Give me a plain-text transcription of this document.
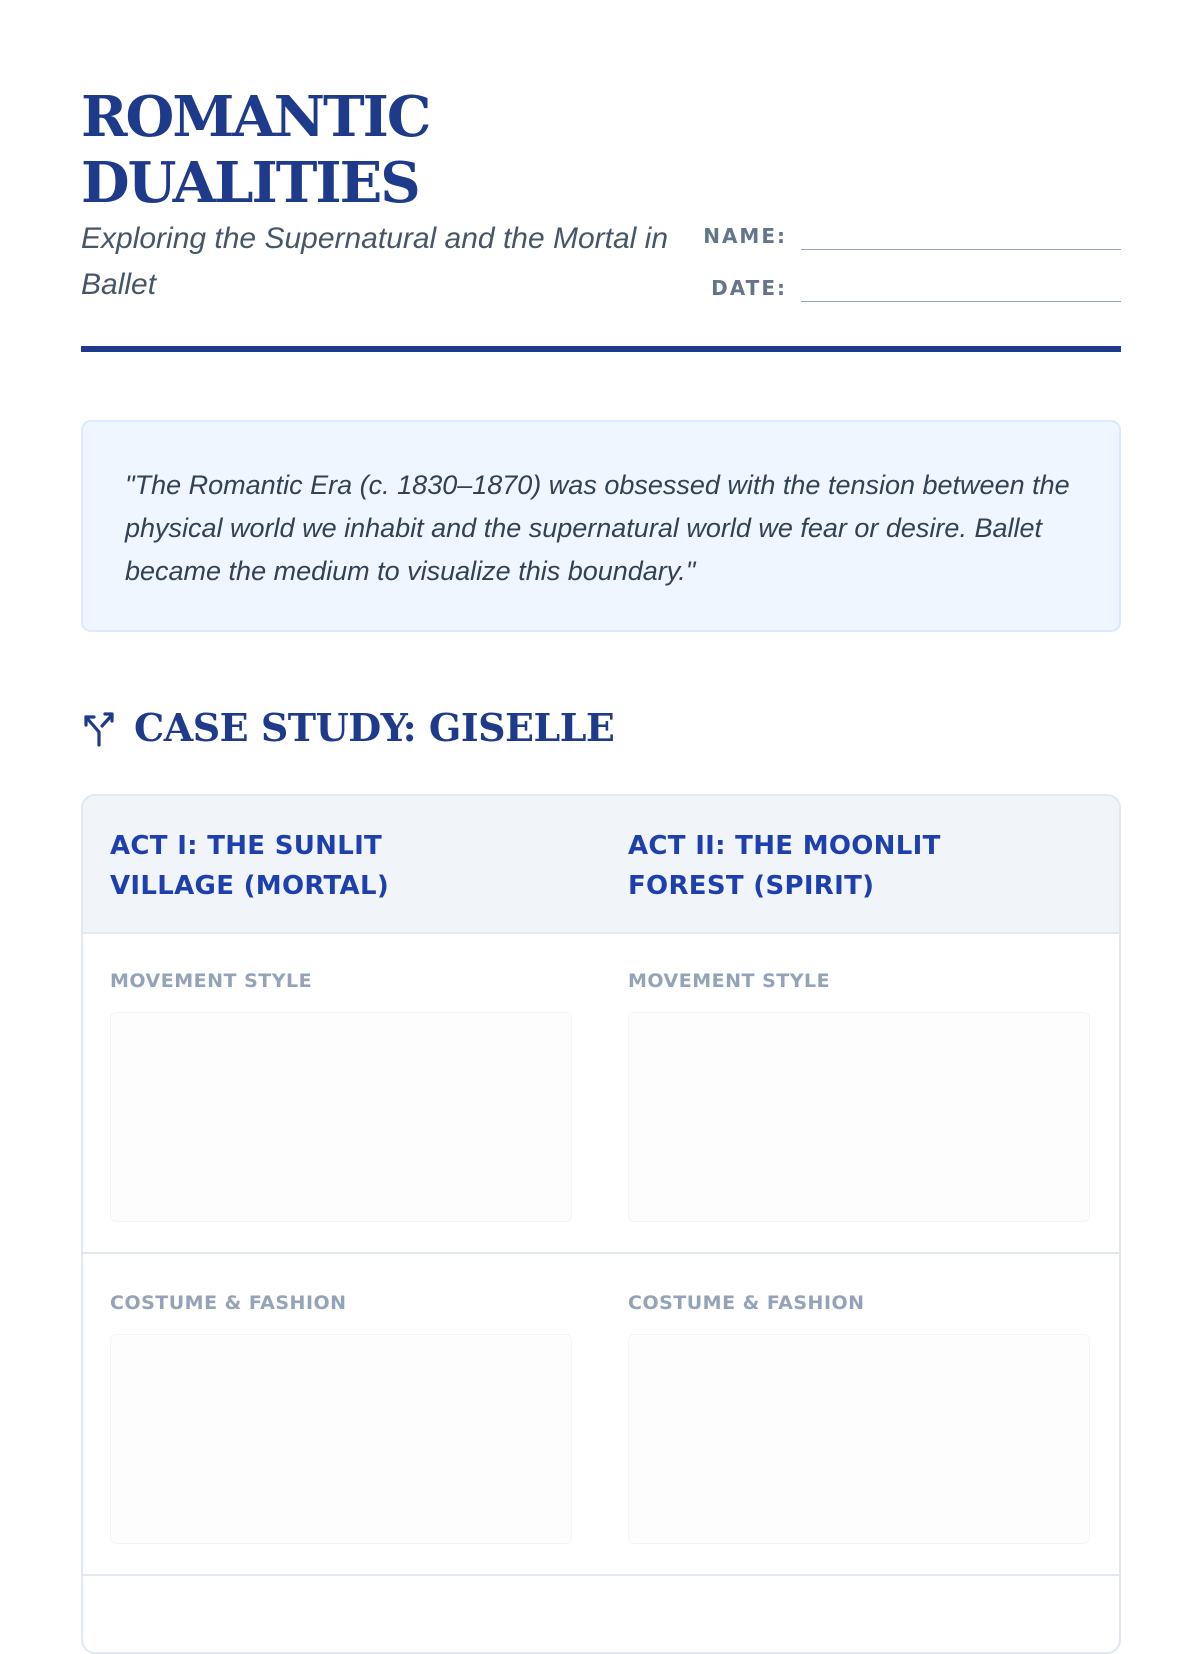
ROMANTIC DUALITIES
Exploring the Supernatural and the Mortal in Ballet
NAME:
DATE:

"The Romantic Era (c. 1830–1870) was obsessed with the tension between the physical world we inhabit and the supernatural world we fear or desire. Ballet became the medium to visualize this boundary."

CASE STUDY: GISELLE
ACT I: THE SUNLIT VILLAGE (MORTAL)
ACT II: THE MOONLIT FOREST (SPIRIT)
MOVEMENT STYLE	MOVEMENT STYLE
COSTUME & FASHION	COSTUME & FASHION
